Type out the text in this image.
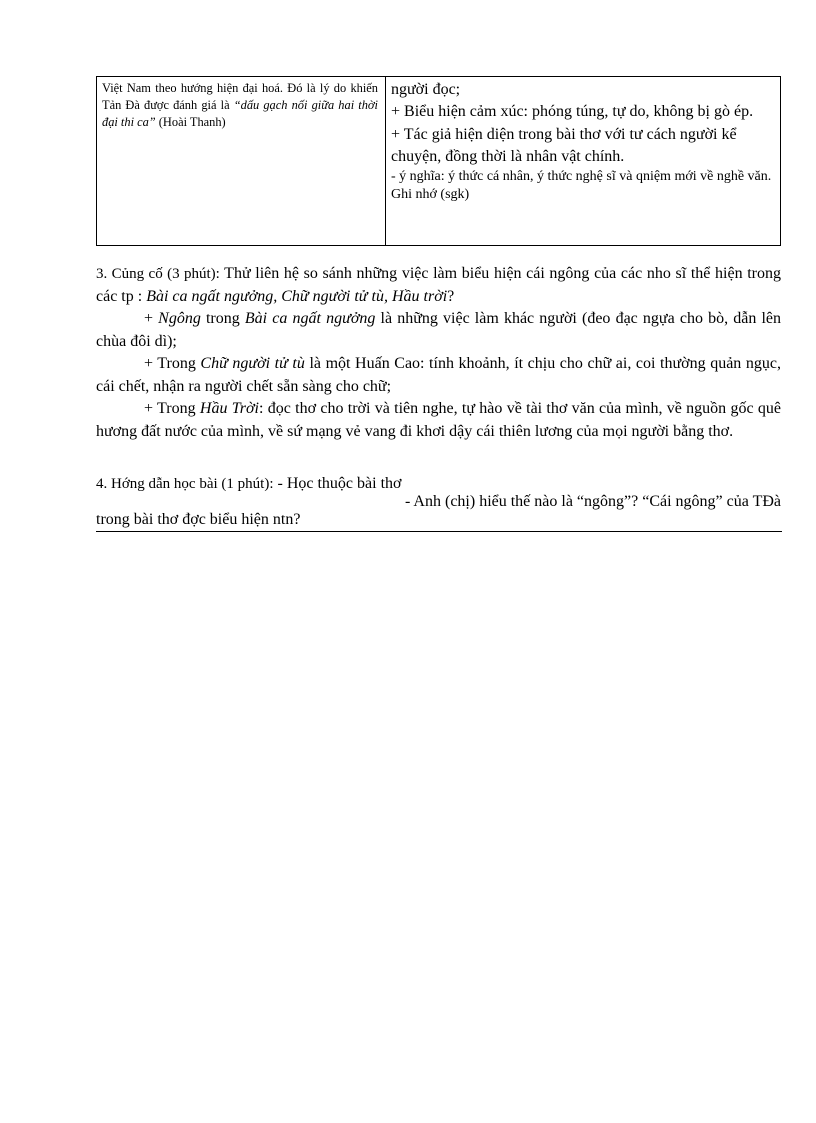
Việt Nam theo hướng hiện đại hoá. Đó là lý do khiến Tản Đà được đánh giá là “dấu gạch nối giữa hai thời đại thi ca” (Hoài Thanh)

người đọc;

+ Biểu hiện cảm xúc: phóng túng, tự do, không bị gò ép.

+ Tác giả hiện diện trong bài thơ với tư cách người kể chuyện, đồng thời là nhân vật chính.

- ý nghĩa: ý thức cá nhân, ý thức nghệ sĩ và qniệm mới về nghề văn.

Ghi nhớ (sgk)

3. Củng cố (3 phút): Thử liên hệ so sánh những việc làm biểu hiện cái ngông của các nho sĩ thể hiện trong các tp : Bài ca ngất ngưởng, Chữ người tử tù, Hầu trời?

+ Ngông trong Bài ca ngất ngưởng là những việc làm khác người (đeo đạc ngựa cho bò, dẫn lên chùa đôi dì);

+ Trong Chữ người tử tù là một Huấn Cao: tính khoảnh, ít chịu cho chữ ai, coi thường quản ngục, cái chết, nhận ra người chết sẵn sàng cho chữ;

+ Trong Hầu Trời: đọc thơ cho trời và tiên nghe, tự hào về tài thơ văn của mình, về nguồn gốc quê hương đất nước của mình, về sứ mạng vẻ vang đi khơi dậy cái thiên lương của mọi người bằng thơ.

4. Hớng dẫn học bài (1 phút): - Học thuộc bài thơ

- Anh (chị) hiểu thế nào là “ngông”? “Cái ngông” của TĐà

trong bài thơ đợc biểu hiện ntn?
